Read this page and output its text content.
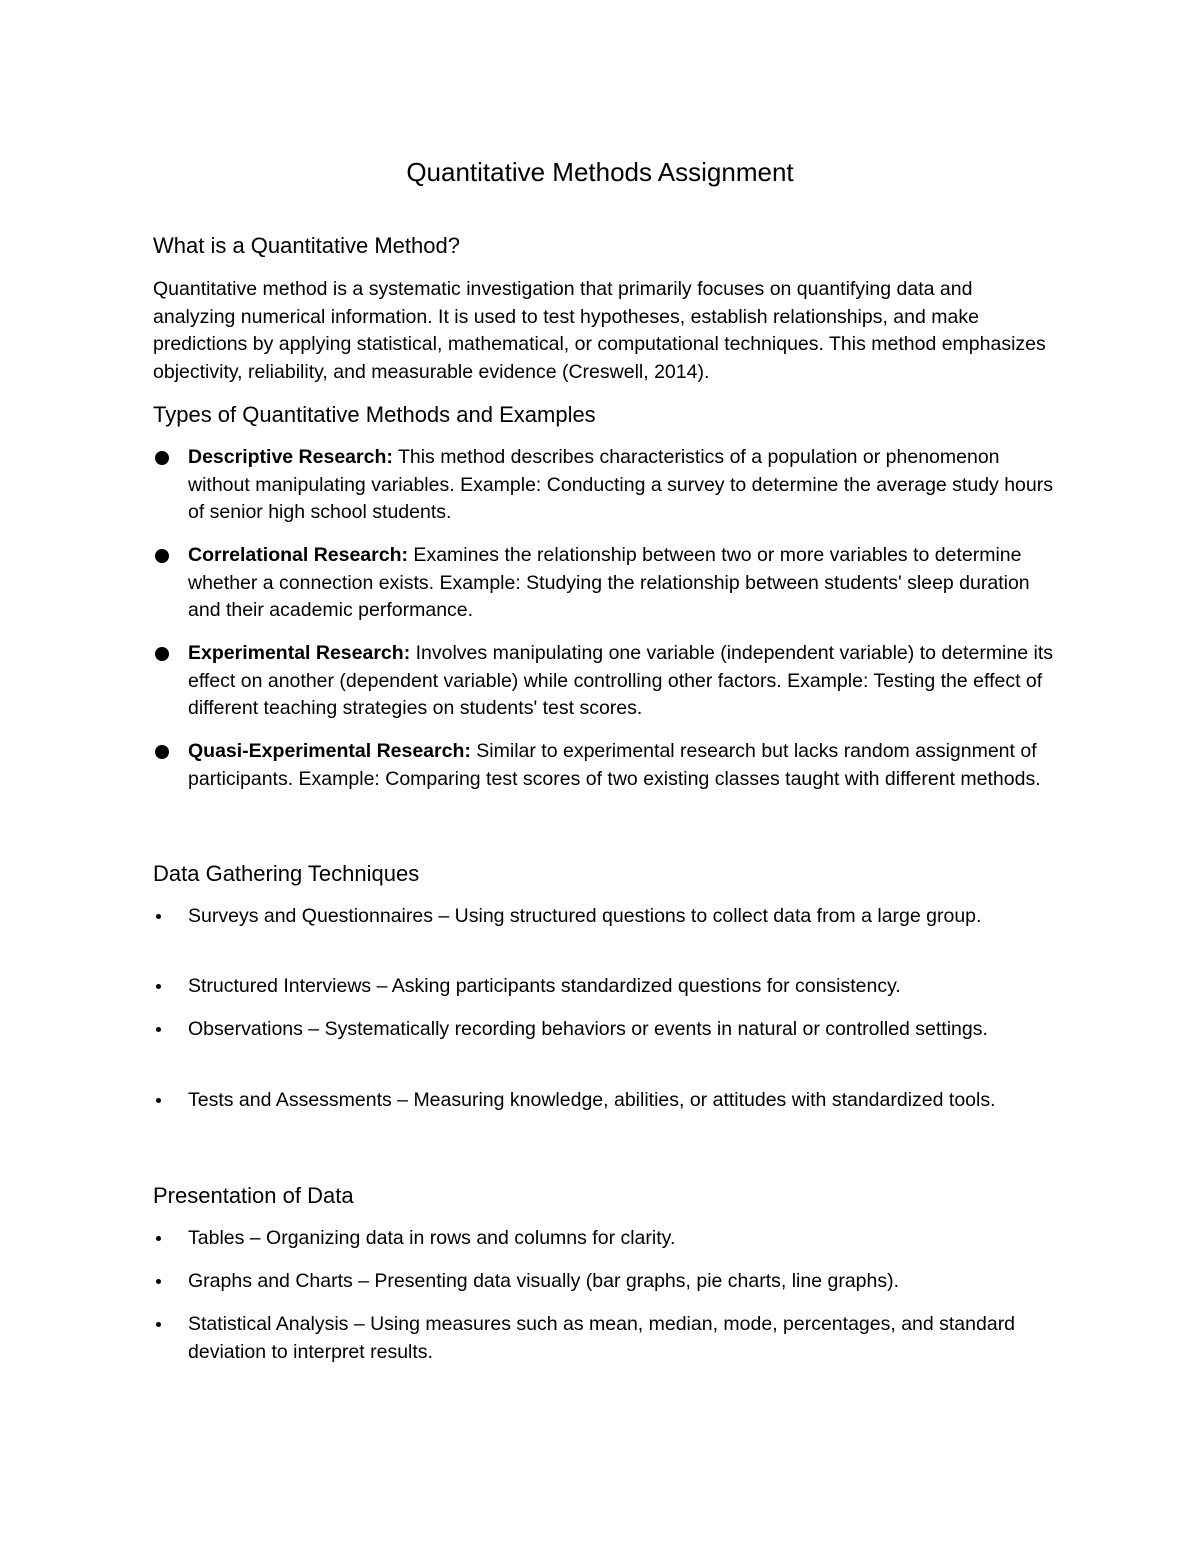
Quantitative Methods Assignment
What is a Quantitative Method?

Quantitative method is a systematic investigation that primarily focuses on quantifying data and analyzing numerical information. It is used to test hypotheses, establish relationships, and make predictions by applying statistical, mathematical, or computational techniques. This method emphasizes objectivity, reliability, and measurable evidence (Creswell, 2014).

Types of Quantitative Methods and Examples

Descriptive Research: This method describes characteristics of a population or phenomenon without manipulating variables. Example: Conducting a survey to determine the average study hours of senior high school students.

Correlational Research: Examines the relationship between two or more variables to determine whether a connection exists. Example: Studying the relationship between students' sleep duration and their academic performance.

Experimental Research: Involves manipulating one variable (independent variable) to determine its effect on another (dependent variable) while controlling other factors. Example: Testing the effect of different teaching strategies on students' test scores.

Quasi-Experimental Research: Similar to experimental research but lacks random assignment of participants. Example: Comparing test scores of two existing classes taught with different methods.

Data Gathering Techniques

Surveys and Questionnaires – Using structured questions to collect data from a large group.

Structured Interviews – Asking participants standardized questions for consistency.

Observations – Systematically recording behaviors or events in natural or controlled settings.

Tests and Assessments – Measuring knowledge, abilities, or attitudes with standardized tools.

Presentation of Data

Tables – Organizing data in rows and columns for clarity.

Graphs and Charts – Presenting data visually (bar graphs, pie charts, line graphs).

Statistical Analysis – Using measures such as mean, median, mode, percentages, and standard deviation to interpret results.
